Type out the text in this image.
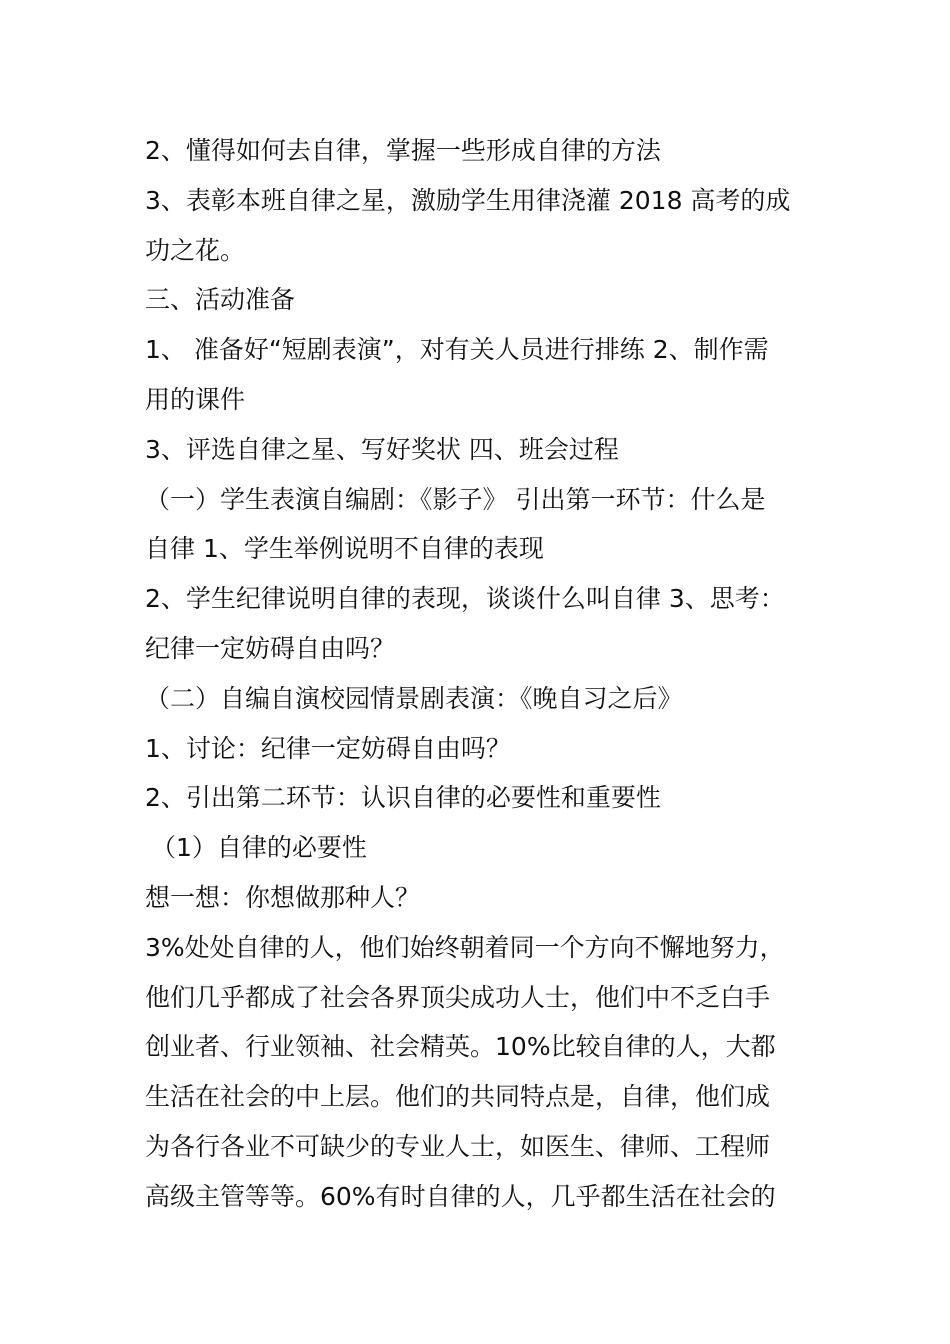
2、懂得如何去自律，掌握一些形成自律的方法
3、表彰本班自律之星，激励学生用律浇灌 2018 高考的成
功之花。
三、活动准备
1、 准备好“短剧表演”，对有关人员进行排练 2、制作需
用的课件
3、评选自律之星、写好奖状 四、班会过程
（一）学生表演自编剧：《影子》 引出第一环节：什么是
自律 1、学生举例说明不自律的表现
2、学生纪律说明自律的表现，谈谈什么叫自律 3、思考：
纪律一定妨碍自由吗？
（二）自编自演校园情景剧表演：《晚自习之后》
1、讨论：纪律一定妨碍自由吗？
2、引出第二环节：认识自律的必要性和重要性
（1）自律的必要性
想一想：你想做那种人？
3%处处自律的人，他们始终朝着同一个方向不懈地努力，
他们几乎都成了社会各界顶尖成功人士，他们中不乏白手
创业者、行业领袖、社会精英。10%比较自律的人，大都
生活在社会的中上层。他们的共同特点是，自律，他们成
为各行各业不可缺少的专业人士，如医生、律师、工程师
高级主管等等。60%有时自律的人，几乎都生活在社会的
